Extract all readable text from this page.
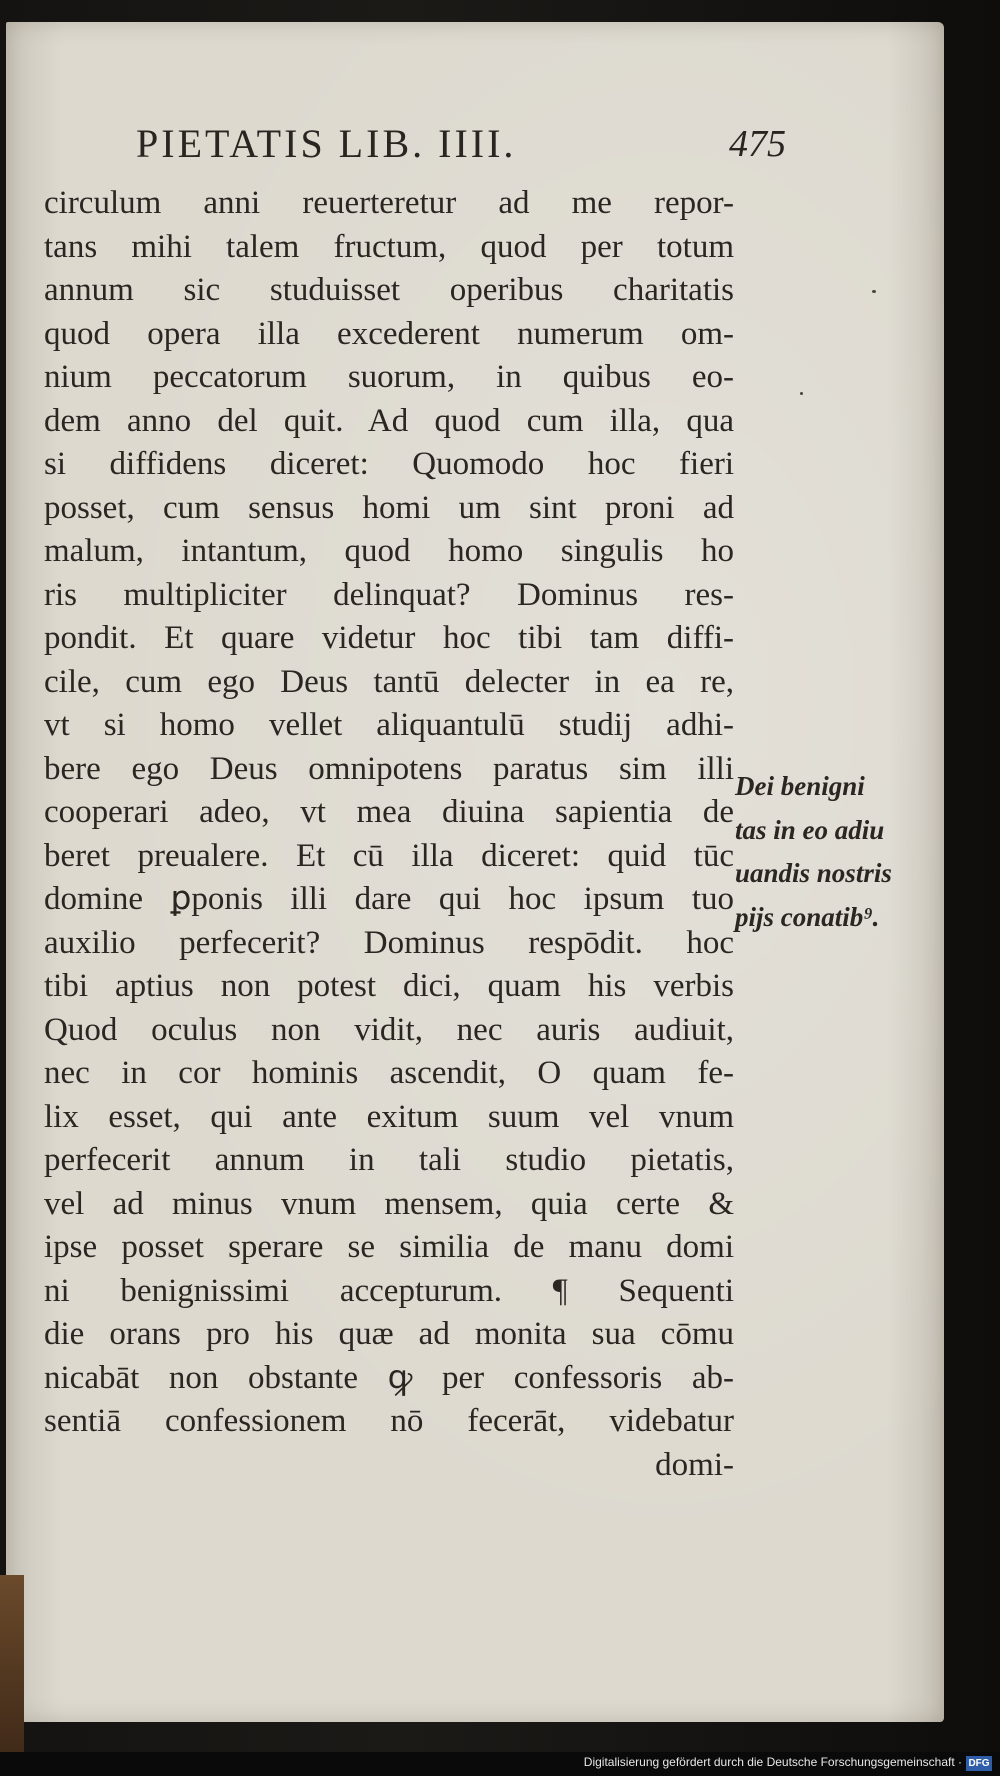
PIETATIS LIB. IIII.	475
circulum anni reuerteretur ad me repor-
tans mihi talem fructum, quod per totum
annum sic studuisset operibus charitatis
quod opera illa excederent numerum om-
nium peccatorum suorum, in quibus eo-
dem anno del quit. Ad quod cum illa, qua
si diffidens diceret: Quomodo hoc fieri
posset, cum sensus homi um sint proni ad
malum, intantum, quod homo singulis ho
ris multipliciter delinquat? Dominus res-
pondit. Et quare videtur hoc tibi tam diffi-
cile, cum ego Deus tantū delecter in ea re,
vt si homo vellet aliquantulū studij adhi-
bere ego Deus omnipotens paratus sim illi
cooperari adeo, vt mea diuina sapientia de
beret preualere. Et cū illa diceret: quid tūc
domine ꝑponis illi dare qui hoc ipsum tuo
auxilio perfecerit? Dominus respōdit. hoc
tibi aptius non potest dici, quam his verbis
Quod oculus non vidit, nec auris audiuit,
nec in cor hominis ascendit, O quam fe-
lix esset, qui ante exitum suum vel vnum
perfecerit annum in tali studio pietatis,
vel ad minus vnum mensem, quia certe &
ipse posset sperare se similia de manu domi
ni benignissimi accepturum. ¶ Sequenti
die orans pro his quæ ad monita sua cōmu
nicabāt non obstante ꝙ per confessoris ab-
sentiā confessionem nō fecerāt, videbatur
domi-
Dei benigni
tas in eo adiu
uandis nostris
pijs conatib⁹.
Digitalisierung gefördert durch die Deutsche Forschungsgemeinschaft · DFG
